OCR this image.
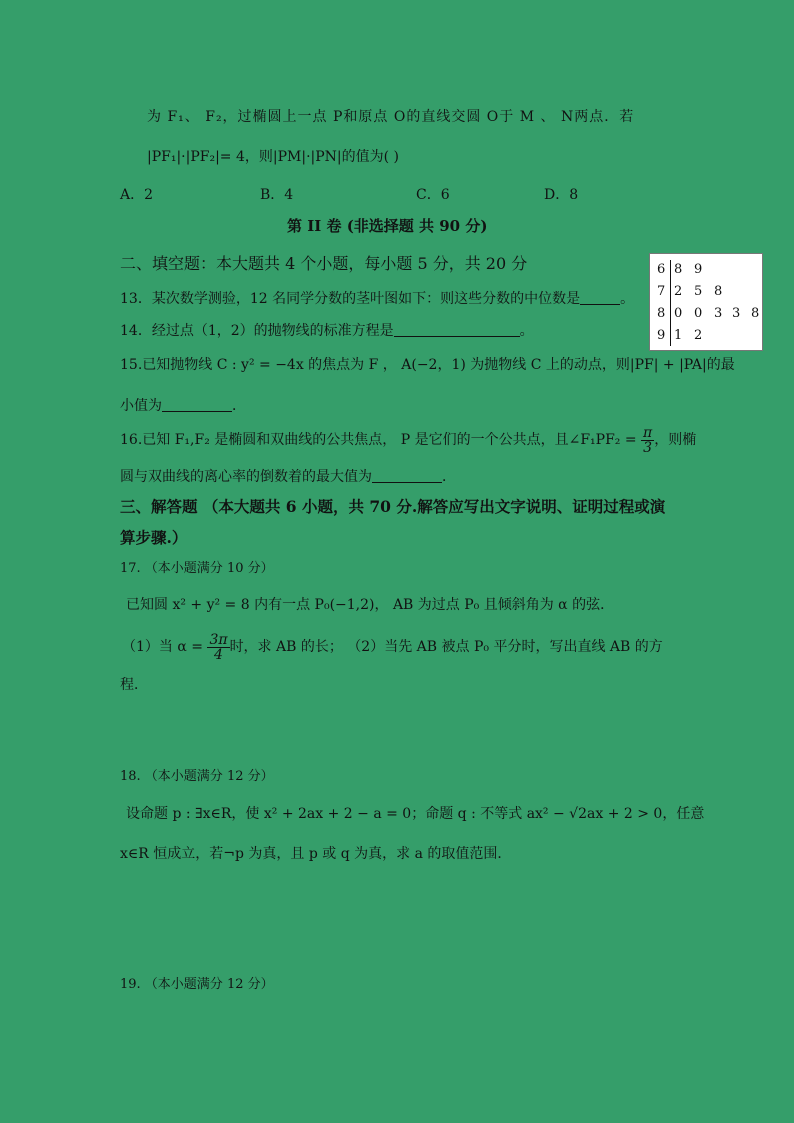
为 F₁、 F₂，过椭圆上一点 P和原点 O的直线交圆 O于 M 、 N两点．若
|PF₁|·|PF₂|= 4，则|PM|·|PN|的值为( )
A．2	B．4	C．6	D．8
第 II 卷 (非选择题 共 90 分)
二、填空题：本大题共 4 个小题，每小题 5 分，共 20 分
13．某次数学测验，12 名同学分数的茎叶图如下：则这些分数的中位数是	。
14．经过点（1，2）的抛物线的标准方程是	。
15.已知抛物线 C : y² = −4x 的焦点为 F ， A(−2，1) 为抛物线 C 上的动点，则|PF| + |PA|的最
小值为	．
16.已知 F₁,F₂ 是椭圆和双曲线的公共焦点， P 是它们的一个公共点，且∠F₁PF₂ = $\frac{\pi}{3}$ ，则椭
圆与双曲线的离心率的倒数着的最大值为	．
6 8 9
7 2 5 8
8 0 0 3 3 8
9 1 2
三、解答题 （本大题共 6 小题，共 70 分.解答应写出文字说明、证明过程或演
算步骤.）
17. （本小题满分 10 分）
已知圆 x² + y² = 8 内有一点 P₀(−1,2)， AB 为过点 P₀ 且倾斜角为 α 的弦．
（1）当 $\alpha = \frac{3\pi}{4}$ 时，求 AB 的长； （2）当先 AB 被点 P₀ 平分时，写出直线 AB 的方
程．
18. （本小题满分 12 分）
设命题 p : ∃x∈R，使 x² + 2ax + 2 − a = 0；命题 q : 不等式 ax² − √2ax + 2 > 0，任意
x∈R 恒成立，若¬p 为真，且 p 或 q 为真，求 a 的取值范围．
19. （本小题满分 12 分）
